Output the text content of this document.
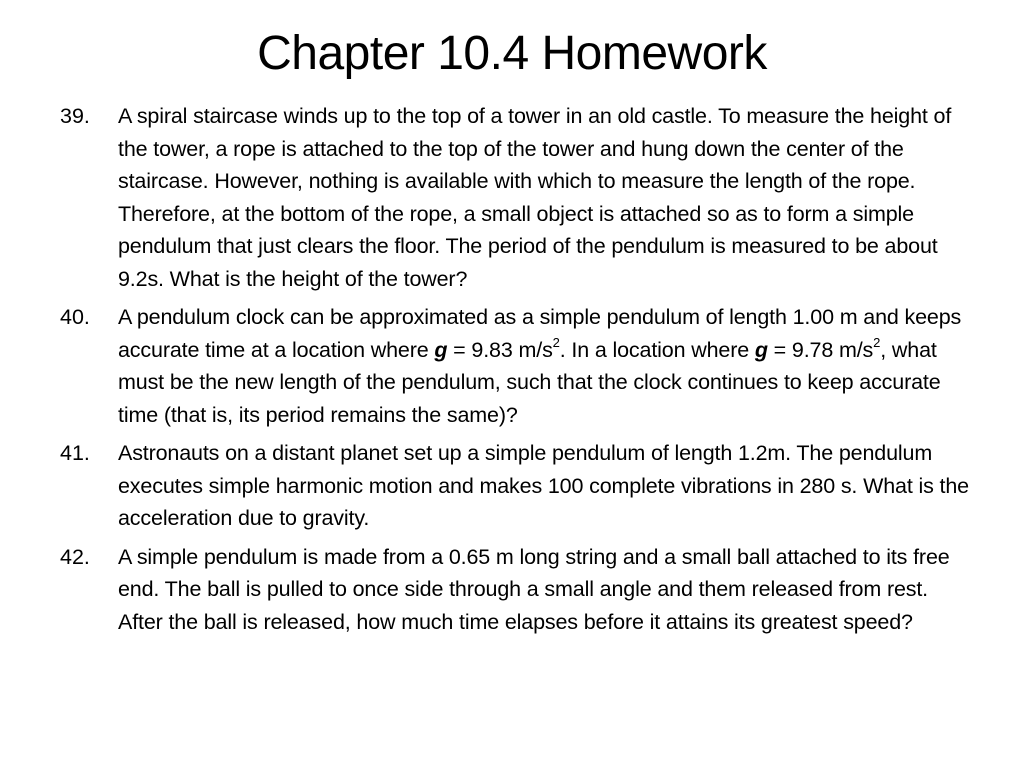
Chapter 10.4 Homework
39.	A spiral staircase winds up to the top of a tower in an old castle. To measure the height of the tower, a rope is attached to the top of the tower and hung down the center of the staircase. However, nothing is available with which to measure the length of the rope. Therefore, at the bottom of the rope, a small object is attached so as to form a simple pendulum that just clears the floor. The period of the pendulum is measured to be about 9.2s. What is the height of the tower?
40.	A pendulum clock can be approximated as a simple pendulum of length 1.00 m and keeps accurate time at a location where g = 9.83 $m/s^2$. In a location where g = 9.78 $m/s^2$, what must be the new length of the pendulum, such that the clock continues to keep accurate time (that is, its period remains the same)?
41.	Astronauts on a distant planet set up a simple pendulum of length 1.2m. The pendulum executes simple harmonic motion and makes 100 complete vibrations in 280 s. What is the acceleration due to gravity.
42.	A simple pendulum is made from a 0.65 m long string and a small ball attached to its free end. The ball is pulled to once side through a small angle and them released from rest. After the ball is released, how much time elapses before it attains its greatest speed?
